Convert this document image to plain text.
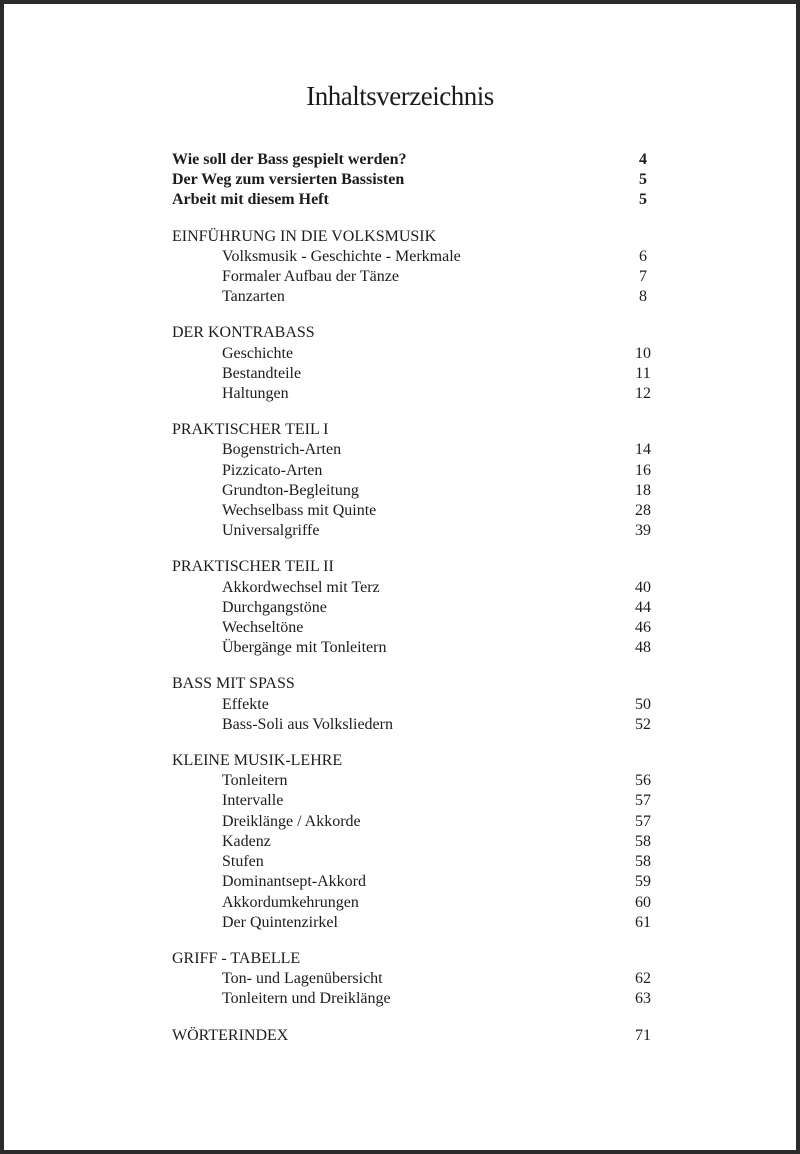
Inhaltsverzeichnis
Wie soll der Bass gespielt werden?	4
Der Weg zum versierten Bassisten	5
Arbeit mit diesem Heft	5
EINFÜHRUNG IN DIE VOLKSMUSIK
Volksmusik - Geschichte - Merkmale	6
Formaler Aufbau der Tänze	7
Tanzarten	8
DER KONTRABASS
Geschichte	10
Bestandteile	11
Haltungen	12
PRAKTISCHER TEIL I
Bogenstrich-Arten	14
Pizzicato-Arten	16
Grundton-Begleitung	18
Wechselbass mit Quinte	28
Universalgriffe	39
PRAKTISCHER TEIL II
Akkordwechsel mit Terz	40
Durchgangstöne	44
Wechseltöne	46
Übergänge mit Tonleitern	48
BASS MIT SPASS
Effekte	50
Bass-Soli aus Volksliedern	52
KLEINE MUSIK-LEHRE
Tonleitern	56
Intervalle	57
Dreiklänge / Akkorde	57
Kadenz	58
Stufen	58
Dominantsept-Akkord	59
Akkordumkehrungen	60
Der Quintenzirkel	61
GRIFF - TABELLE
Ton- und Lagenübersicht	62
Tonleitern und Dreiklänge	63
WÖRTERINDEX	71
